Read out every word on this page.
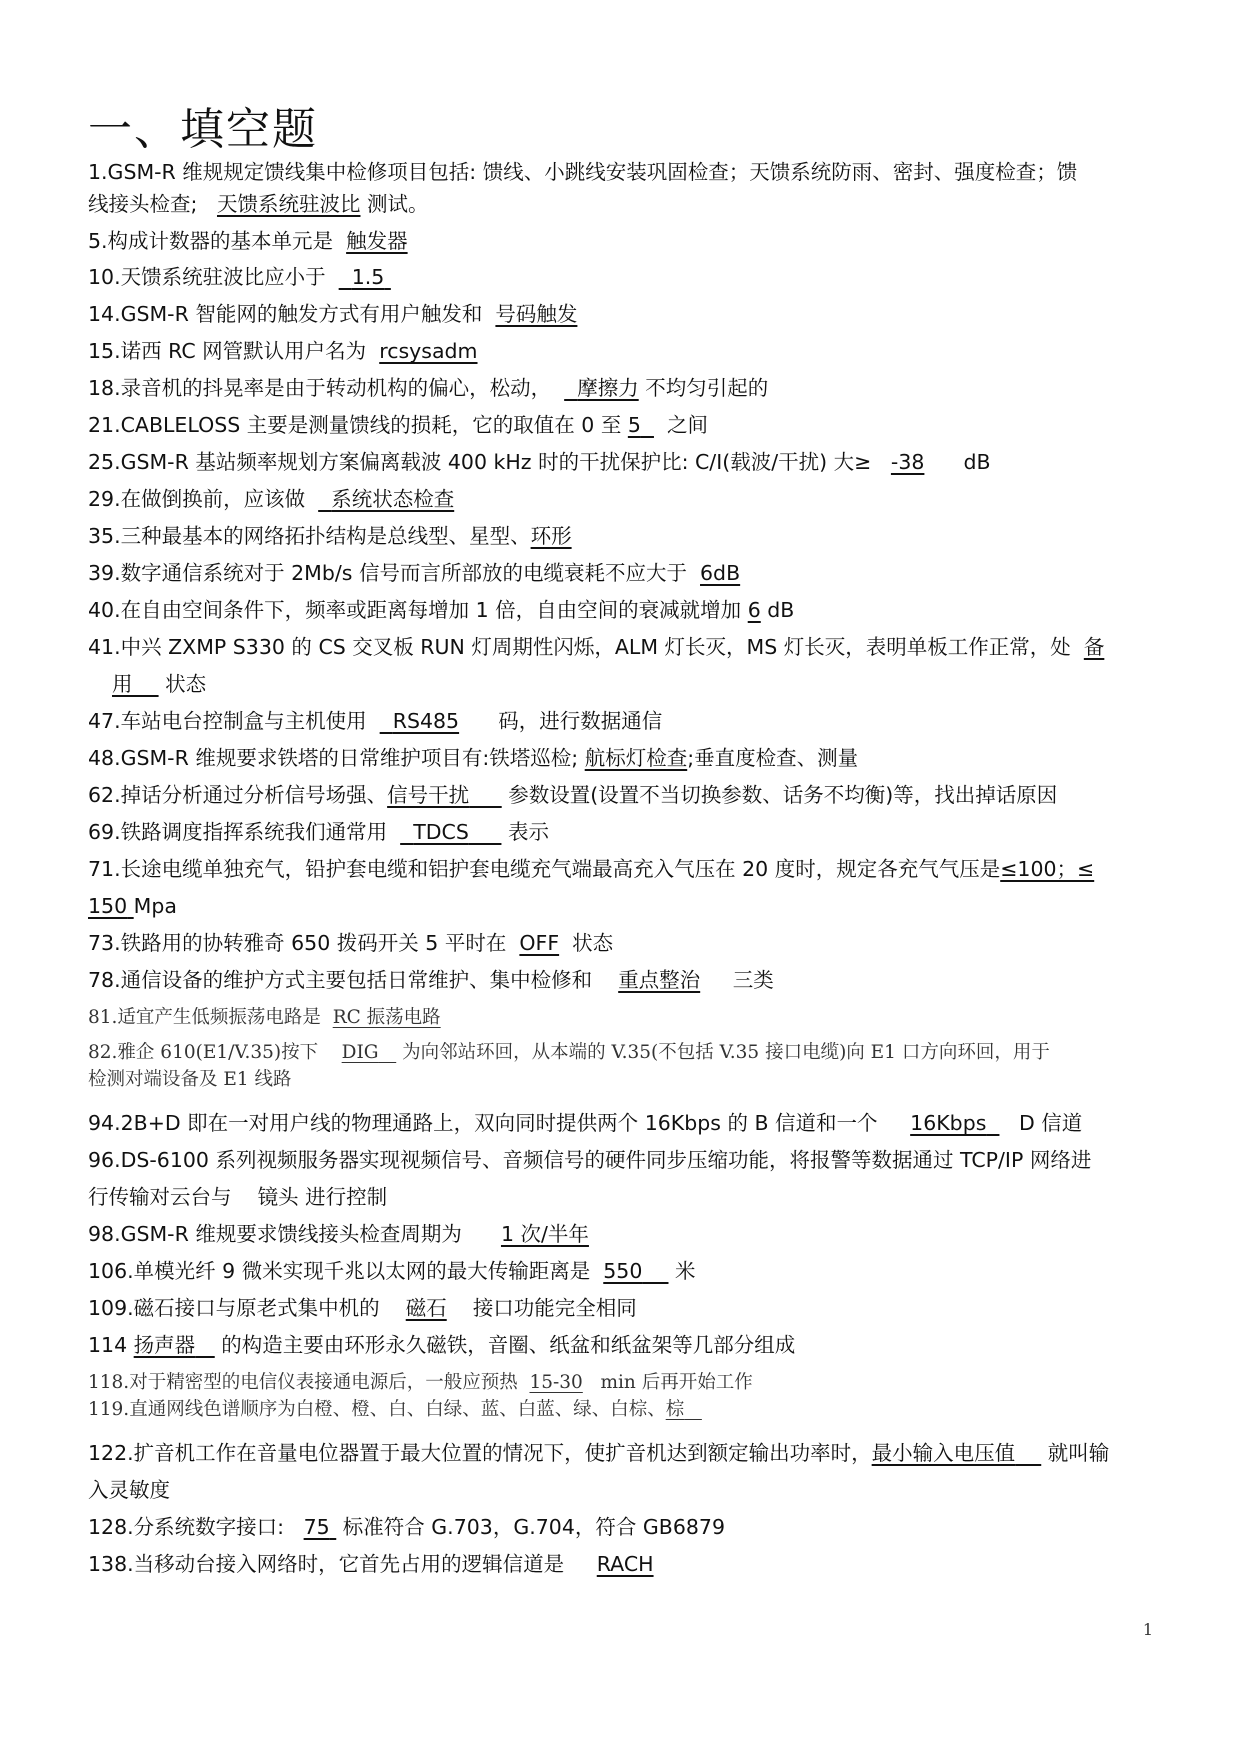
一、填空题
1.GSM-R 维规规定馈线集中检修项目包括: 馈线、小跳线安装巩固检查；天馈系统防雨、密封、强度检查；馈
线接头检查; 天馈系统驻波比 测试。
5.构成计数器的基本单元是 触发器
10.天馈系统驻波比应小于 1.5
14.GSM-R 智能网的触发方式有用户触发和 号码触发
15.诺西 RC 网管默认用户名为 rcsysadm
18.录音机的抖晃率是由于转动机构的偏心，松动， 摩擦力 不均匀引起的
21.CABLELOSS 主要是测量馈线的损耗，它的取值在 0 至 5 之间
25.GSM-R 基站频率规划方案偏离载波 400 kHz 时的干扰保护比: C/I(载波/干扰) 大≥ -38 dB
29.在做倒换前，应该做 系统状态检查
35.三种最基本的网络拓扑结构是总线型、星型、环形
39.数字通信系统对于 2Mb/s 信号而言所部放的电缆衰耗不应大于 6dB
40.在自由空间条件下，频率或距离每增加 1 倍，自由空间的衰减就增加 6 dB
41.中兴 ZXMP S330 的 CS 交叉板 RUN 灯周期性闪烁，ALM 灯长灭，MS 灯长灭，表明单板工作正常，处 备
用 状态
47.车站电台控制盒与主机使用 RS485 码，进行数据通信
48.GSM-R 维规要求铁塔的日常维护项目有:铁塔巡检; 航标灯检查;垂直度检查、测量
62.掉话分析通过分析信号场强、信号干扰 参数设置(设置不当切换参数、话务不均衡)等，找出掉话原因
69.铁路调度指挥系统我们通常用 TDCS 表示
71.长途电缆单独充气，铅护套电缆和铝护套电缆充气端最高充入气压在 20 度时，规定各充气气压是≤100；≤
150 Mpa
73.铁路用的协转雅奇 650 拨码开关 5 平时在 OFF 状态
78.通信设备的维护方式主要包括日常维护、集中检修和 重点整治 三类
81.适宜产生低频振荡电路是 RC 振荡电路
82.雅企 610(E1/V.35)按下 DIG 为向邻站环回，从本端的 V.35(不包括 V.35 接口电缆)向 E1 口方向环回，用于
检测对端设备及 E1 线路
94.2B+D 即在一对用户线的物理通路上，双向同时提供两个 16Kbps 的 B 信道和一个 16Kbps D 信道
96.DS-6100 系列视频服务器实现视频信号、音频信号的硬件同步压缩功能，将报警等数据通过 TCP/IP 网络进
行传输对云台与 镜头 进行控制
98.GSM-R 维规要求馈线接头检查周期为 1 次/半年
106.单模光纤 9 微米实现千兆以太网的最大传输距离是 550 米
109.磁石接口与原老式集中机的 磁石 接口功能完全相同
114 扬声器 的构造主要由环形永久磁铁，音圈、纸盆和纸盆架等几部分组成
118.对于精密型的电信仪表接通电源后，一般应预热 15-30 min 后再开始工作
119.直通网线色谱顺序为白橙、橙、白、白绿、蓝、白蓝、绿、白棕、棕
122.扩音机工作在音量电位器置于最大位置的情况下，使扩音机达到额定输出功率时，最小输入电压值 就叫输
入灵敏度
128.分系统数字接口: 75 标准符合 G.703，G.704，符合 GB6879
138.当移动台接入网络时，它首先占用的逻辑信道是 RACH
1
